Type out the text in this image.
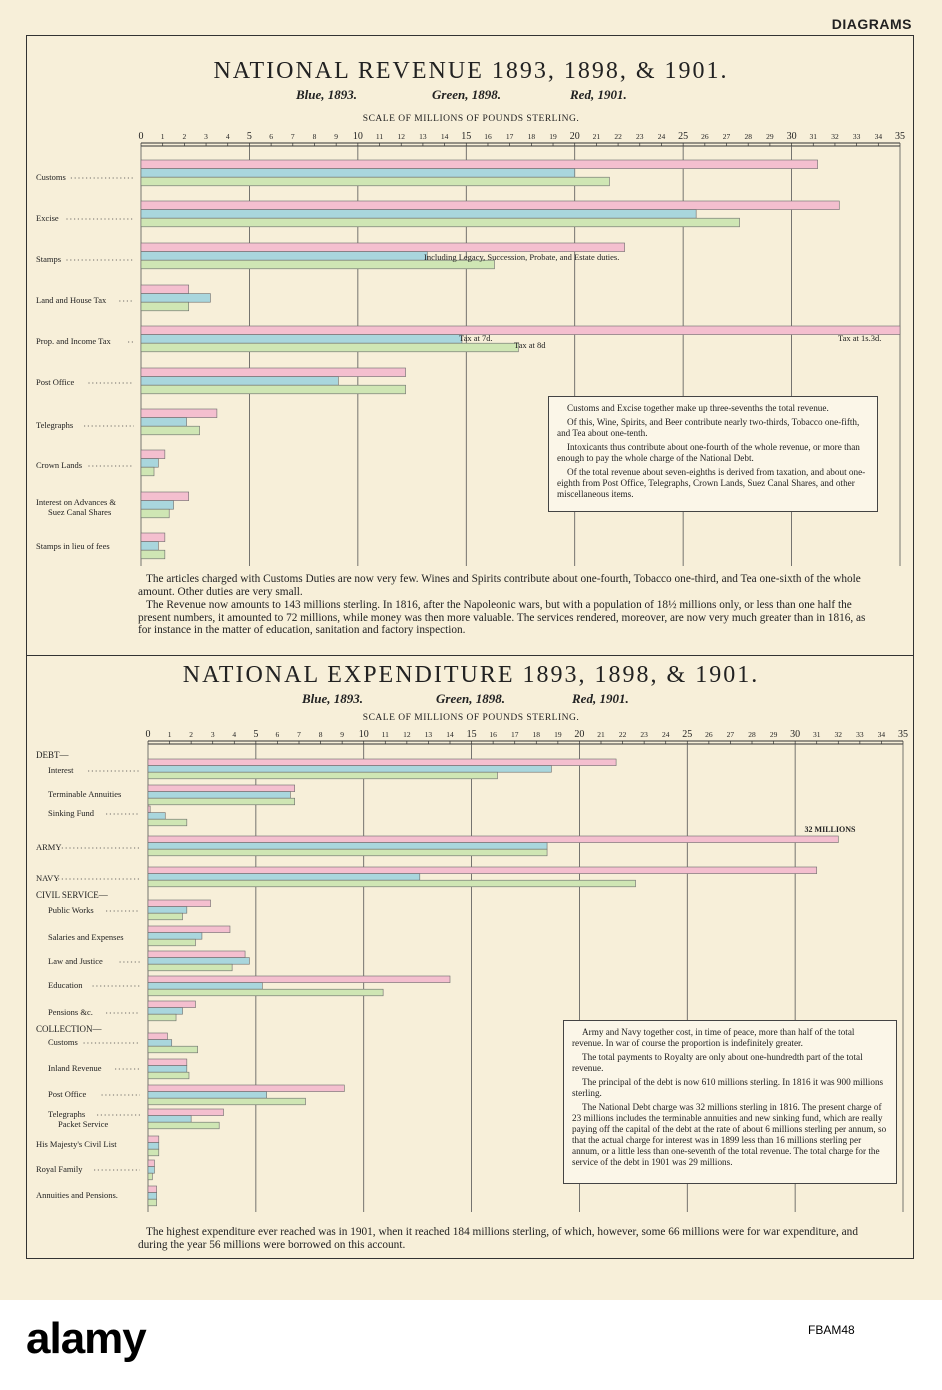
DIAGRAMS
NATIONAL REVENUE 1893, 1898, & 1901.
Blue, 1893.	Green, 1898.	Red, 1901.
SCALE OF MILLIONS OF POUNDS STERLING.
0 1 2 3 4 5 6 7 8 9 10 11 12 13 14 15 16 17 18 19 20 21 22 23 24 25 26 27 28 29 30 31 32 33 34 35
Customs
Excise
Stamps
Land and House Tax
Prop. and Income Tax
Post Office
Telegraphs
Crown Lands
Interest on Advances &
Stamps in lieu of fees
Suez Canal Shares
Including Legacy, Succession, Probate, and Estate duties.
Tax at 7d.
Tax at 8d
Tax at 1s.3d.

Customs and Excise together make up three-sevenths the total revenue.

Of this, Wine, Spirits, and Beer contribute nearly two-thirds, Tobacco one-fifth, and Tea about one-tenth.

Intoxicants thus contribute about one-fourth of the whole revenue, or more than enough to pay the whole charge of the National Debt.

Of the total revenue about seven-eighths is derived from taxation, and about one-eighth from Post Office, Telegraphs, Crown Lands, Suez Canal Shares, and other miscellaneous items.

The articles charged with Customs Duties are now very few. Wines and Spirits contribute about one-fourth, Tobacco one-third, and Tea one-sixth of the whole amount. Other duties are very small.
The Revenue now amounts to 143 millions sterling. In 1816, after the Napoleonic wars, but with a population of 18½ millions only, or less than one half the present numbers, it amounted to 72 millions, while money was then more valuable. The services rendered, moreover, are now very much greater than in 1816, as for instance in the matter of education, sanitation and factory inspection.
NATIONAL EXPENDITURE 1893, 1898, & 1901.
Blue, 1893.	Green, 1898.	Red, 1901.
SCALE OF MILLIONS OF POUNDS STERLING.
0 1 2 3 4 5 6 7 8 9 10 11 12 13 14 15 16 17 18 19 20 21 22 23 24 25 26 27 28 29 30 31 32 33 34 35
Interest
Terminable Annuities
Sinking Fund
ARMY
NAVY
Public Works
Salaries and Expenses
Law and Justice
Education
Pensions &c.
Customs
Inland Revenue
Post Office
Telegraphs
His Majesty's Civil List
Royal Family
Annuities and Pensions.
Packet Service
DEBT—
CIVIL SERVICE—
COLLECTION—
32 MILLIONS

Army and Navy together cost, in time of peace, more than half of the total revenue. In war of course the proportion is indefinitely greater.

The total payments to Royalty are only about one-hundredth part of the total revenue.

The principal of the debt is now 610 millions sterling. In 1816 it was 900 millions sterling.

The National Debt charge was 32 millions sterling in 1816. The present charge of 23 millions includes the terminable annuities and new sinking fund, which are really paying off the capital of the debt at the rate of about 6 millions sterling per annum, so that the actual charge for interest was in 1899 less than 16 millions sterling per annum, or a little less than one-seventh of the total revenue. The total charge for the service of the debt in 1901 was 29 millions.

The highest expenditure ever reached was in 1901, when it reached 184 millions sterling, of which, however, some 66 millions were for war expenditure, and during the year 56 millions were borrowed on this account.
alamy	FBAM48
